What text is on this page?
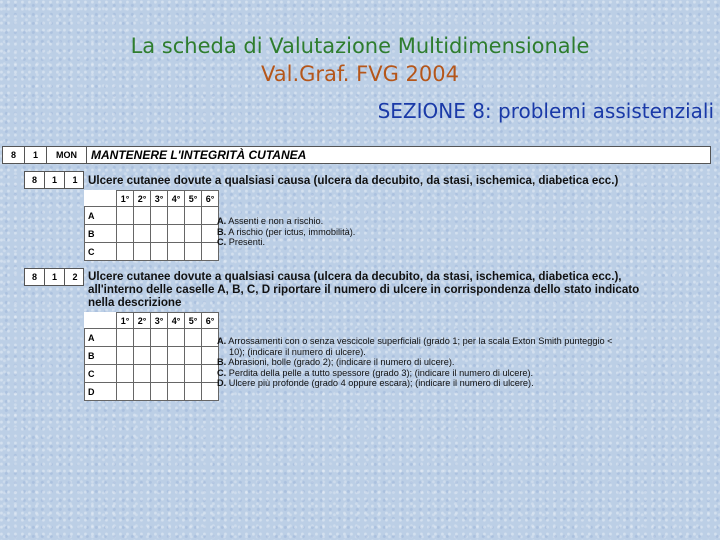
La scheda di Valutazione Multidimensionale
Val.Graf. FVG 2004
SEZIONE 8: problemi assistenziali
8	1	MON	MANTENERE L'INTEGRITÀ CUTANEA
8	1	1 Ulcere cutanee dovute a qualsiasi causa (ulcera da decubito, da stasi, ischemica, diabetica ecc.)
	1°	2°	3°	4°	5°	6°
A						
B						
C						
A. Assenti e non a rischio.
B. A rischio (per ictus, immobilità).
C. Presenti.
8	1	2 Ulcere cutanee dovute a qualsiasi causa (ulcera da decubito, da stasi, ischemica, diabetica ecc.),
all'interno delle caselle A, B, C, D riportare il numero di ulcere in corrispondenza dello stato indicato
nella descrizione
	1°	2°	3°	4°	5°	6°
A						
B						
C						
D						
A. Arrossamenti con o senza vescicole superficiali (grado 1; per la scala Exton Smith punteggio <
10); (indicare il numero di ulcere).
B. Abrasioni, bolle (grado 2); (indicare il numero di ulcere).
C. Perdita della pelle a tutto spessore (grado 3); (indicare il numero di ulcere).
D. Ulcere più profonde (grado 4 oppure escara); (indicare il numero di ulcere).
